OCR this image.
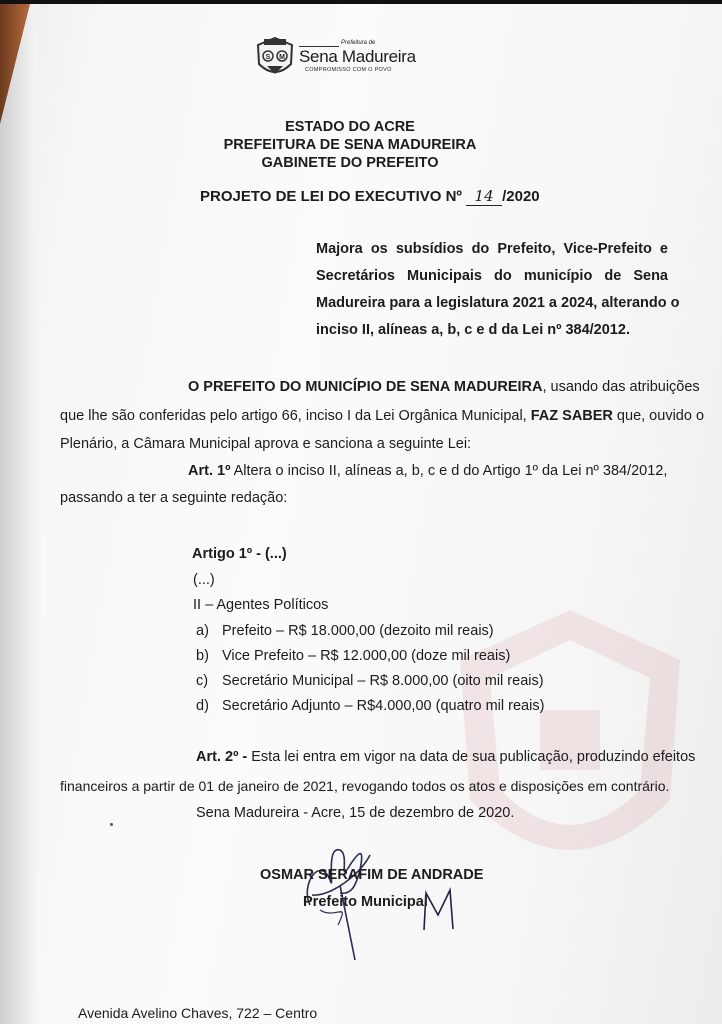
S M
Prefeitura de
Sena Madureira
COMPROMISSO COM O POVO
ESTADO DO ACRE
PREFEITURA DE SENA MADUREIRA
GABINETE DO PREFEITO
PROJETO DE LEI DO EXECUTIVO Nº 14 /2020
Majora os subsídios do Prefeito, Vice-Prefeito e
Secretários Municipais do município de Sena
Madureira para a legislatura 2021 a 2024, alterando o
inciso II, alíneas a, b, c e d da Lei nº 384/2012.
O PREFEITO DO MUNICÍPIO DE SENA MADUREIRA, usando das atribuições
que lhe são conferidas pelo artigo 66, inciso I da Lei Orgânica Municipal, FAZ SABER que, ouvido o
Plenário, a Câmara Municipal aprova e sanciona a seguinte Lei:
Art. 1º Altera o inciso II, alíneas a, b, c e d do Artigo 1º da Lei nº 384/2012,
passando a ter a seguinte redação:
Artigo 1º - (...)
(...)
II – Agentes Políticos
a) Prefeito – R$ 18.000,00 (dezoito mil reais)
b) Vice Prefeito – R$ 12.000,00 (doze mil reais)
c) Secretário Municipal – R$ 8.000,00 (oito mil reais)
d) Secretário Adjunto – R$4.000,00 (quatro mil reais)
Art. 2º - Esta lei entra em vigor na data de sua publicação, produzindo efeitos
financeiros a partir de 01 de janeiro de 2021, revogando todos os atos e disposições em contrário.
Sena Madureira - Acre, 15 de dezembro de 2020.
OSMAR SERAFIM DE ANDRADE
Prefeito Municipal
Avenida Avelino Chaves, 722 – Centro
